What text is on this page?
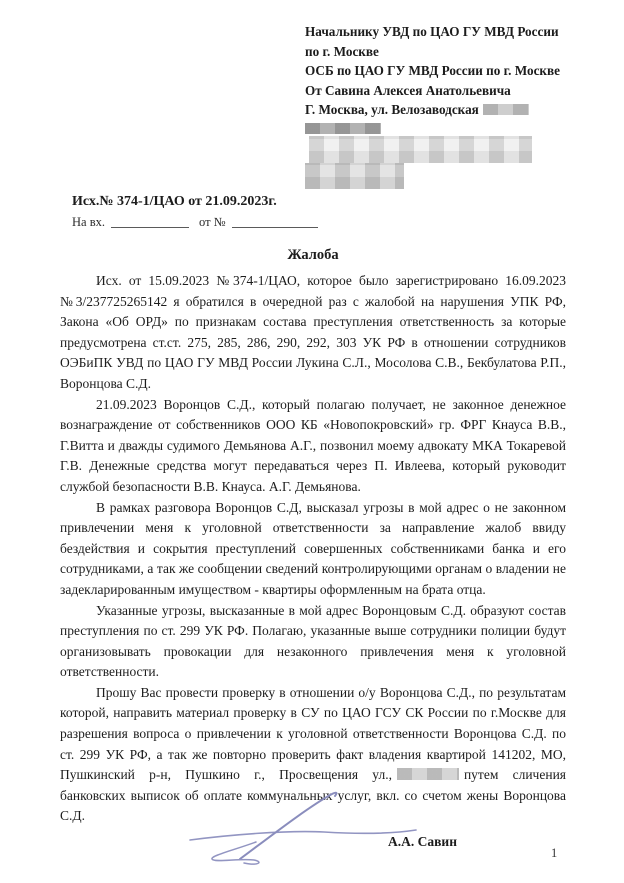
Начальнику УВД по ЦАО ГУ МВД России
по г. Москве
ОСБ по ЦАО ГУ МВД России по г. Москве
От Савина Алексея Анатольевича
Г. Москва, ул. Велозаводская
Исх.№ 374-1/ЦАО от 21.09.2023г.
На вх.	от №
Жалоба

Исх. от 15.09.2023 №374-1/ЦАО, которое было зарегистрировано 16.09.2023 №3/237725265142 я обратился в очередной раз с жалобой на нарушения УПК РФ, Закона «Об ОРД» по признакам состава преступления ответственность за которые предусмотрена ст.ст. 275, 285, 286, 290, 292, 303 УК РФ в отношении сотрудников ОЭБиПК УВД по ЦАО ГУ МВД России Лукина С.Л., Мосолова С.В., Бекбулатова Р.П., Воронцова С.Д.

21.09.2023 Воронцов С.Д., который полагаю получает, не законное денежное вознаграждение от собственников ООО КБ «Новопокровский» гр. ФРГ Кнауса В.В., Г.Витта и дважды судимого Демьянова А.Г., позвонил моему адвокату МКА Токаревой Г.В. Денежные средства могут передаваться через П. Ивлеева, который руководит службой безопасности В.В. Кнауса. А.Г. Демьянова.

В рамках разговора Воронцов С.Д, высказал угрозы в мой адрес о не законном привлечении меня к уголовной ответственности за направление жалоб ввиду бездействия и сокрытия преступлений совершенных собственниками банка и его сотрудниками, а так же сообщении сведений контролирующими органам о владении не задекларированным имуществом - квартиры оформленным на брата отца.

Указанные угрозы, высказанные в мой адрес Воронцовым С.Д. образуют состав преступления по ст. 299 УК РФ. Полагаю, указанные выше сотрудники полиции будут организовывать провокации для незаконного привлечения меня к уголовной ответственности.

Прошу Вас провести проверку в отношении о/у Воронцова С.Д., по результатам которой, направить материал проверку в СУ по ЦАО ГСУ СК России по г.Москве для разрешения вопроса о привлечении к уголовной ответственности Воронцова С.Д. по ст. 299 УК РФ, а так же повторно проверить факт владения квартирой 141202, МО, Пушкинский р-н, Пушкино г., Просвещения ул.,	путем сличения банковских выписок об оплате коммунальных услуг, вкл. со счетом жены Воронцова С.Д.

А.А. Савин
1
